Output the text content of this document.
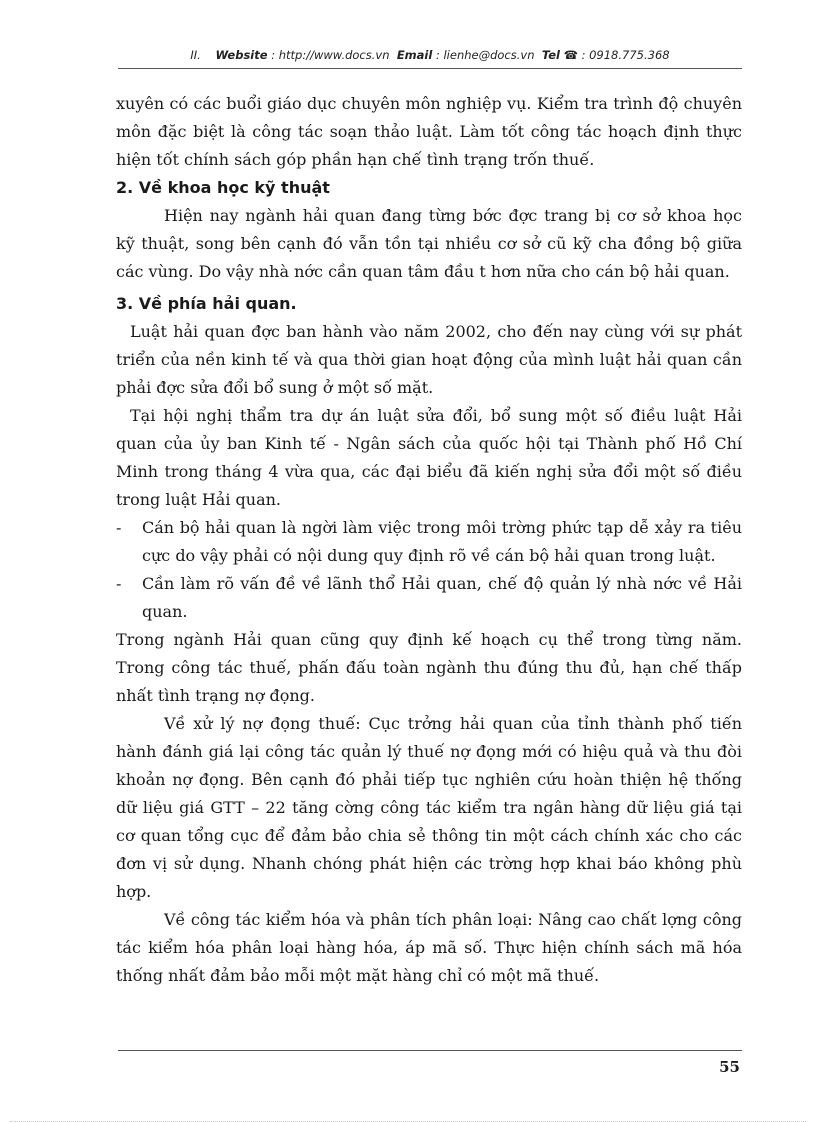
II. Website : http://www.docs.vn Email : lienhe@docs.vn Tel ☎ : 0918.775.368

xuyên có các buổi giáo dục chuyên môn nghiệp vụ. Kiểm tra trình độ chuyên môn đặc biệt là công tác soạn thảo luật. Làm tốt công tác hoạch định thực hiện tốt chính sách góp phần hạn chế tình trạng trốn thuế.

2. Về khoa học kỹ thuật

Hiện nay ngành hải quan đang từng bớc đợc trang bị cơ sở khoa học kỹ thuật, song bên cạnh đó vẫn tồn tại nhiều cơ sở cũ kỹ cha đồng bộ giữa các vùng. Do vậy nhà nớc cần quan tâm đầu t hơn nữa cho cán bộ hải quan.

3. Về phía hải quan.

Luật hải quan đợc ban hành vào năm 2002, cho đến nay cùng với sự phát triển của nền kinh tế và qua thời gian hoạt động của mình luật hải quan cần phải đợc sửa đổi bổ sung ở một số mặt.

Tại hội nghị thẩm tra dự án luật sửa đổi, bổ sung một số điều luật Hải quan của ủy ban Kinh tế - Ngân sách của quốc hội tại Thành phố Hồ Chí Minh trong tháng 4 vừa qua, các đại biểu đã kiến nghị sửa đổi một số điều trong luật Hải quan.

- Cán bộ hải quan là ngời làm việc trong môi trờng phức tạp dễ xảy ra tiêu cực do vậy phải có nội dung quy định rõ về cán bộ hải quan trong luật.
- Cần làm rõ vấn đề về lãnh thổ Hải quan, chế độ quản lý nhà nớc về Hải quan.

Trong ngành Hải quan cũng quy định kế hoạch cụ thể trong từng năm. Trong công tác thuế, phấn đấu toàn ngành thu đúng thu đủ, hạn chế thấp nhất tình trạng nợ đọng.

Về xử lý nợ đọng thuế: Cục trởng hải quan của tỉnh thành phố tiến hành đánh giá lại công tác quản lý thuế nợ đọng mới có hiệu quả và thu đòi khoản nợ đọng. Bên cạnh đó phải tiếp tục nghiên cứu hoàn thiện hệ thống dữ liệu giá GTT – 22 tăng cờng công tác kiểm tra ngân hàng dữ liệu giá tại cơ quan tổng cục để đảm bảo chia sẻ thông tin một cách chính xác cho các đơn vị sử dụng. Nhanh chóng phát hiện các trờng hợp khai báo không phù hợp.

Về công tác kiểm hóa và phân tích phân loại: Nâng cao chất lợng công tác kiểm hóa phân loại hàng hóa, áp mã số. Thực hiện chính sách mã hóa thống nhất đảm bảo mỗi một mặt hàng chỉ có một mã thuế.

55
